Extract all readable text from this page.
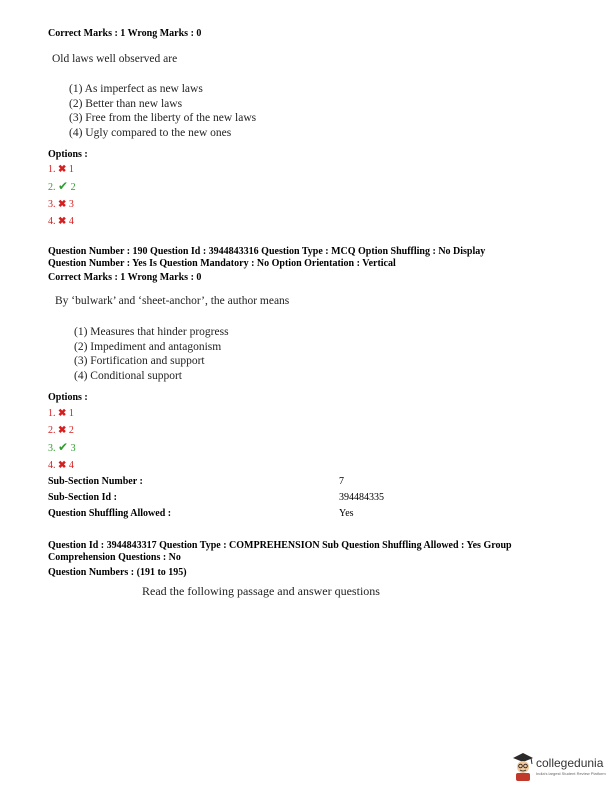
Correct Marks : 1 Wrong Marks : 0
Old laws well observed are
(1) As imperfect as new laws
(2) Better than new laws
(3) Free from the liberty of the new laws
(4) Ugly compared to the new ones
Options :
1. ✖ 1
2. ✔ 2
3. ✖ 3
4. ✖ 4
Question Number : 190 Question Id : 3944843316 Question Type : MCQ Option Shuffling : No Display
Question Number : Yes Is Question Mandatory : No Option Orientation : Vertical
Correct Marks : 1 Wrong Marks : 0
By ‘bulwark’ and ‘sheet-anchor’, the author means
(1) Measures that hinder progress
(2) Impediment and antagonism
(3) Fortification and support
(4) Conditional support
Options :
1. ✖ 1
2. ✖ 2
3. ✔ 3
4. ✖ 4
Sub-Section Number :	7
Sub-Section Id :	394484335
Question Shuffling Allowed :	Yes
Question Id : 3944843317 Question Type : COMPREHENSION Sub Question Shuffling Allowed : Yes Group
Comprehension Questions : No
Question Numbers : (191 to 195)
Read the following passage and answer questions
collegedunia
India's largest Student Review Platform
